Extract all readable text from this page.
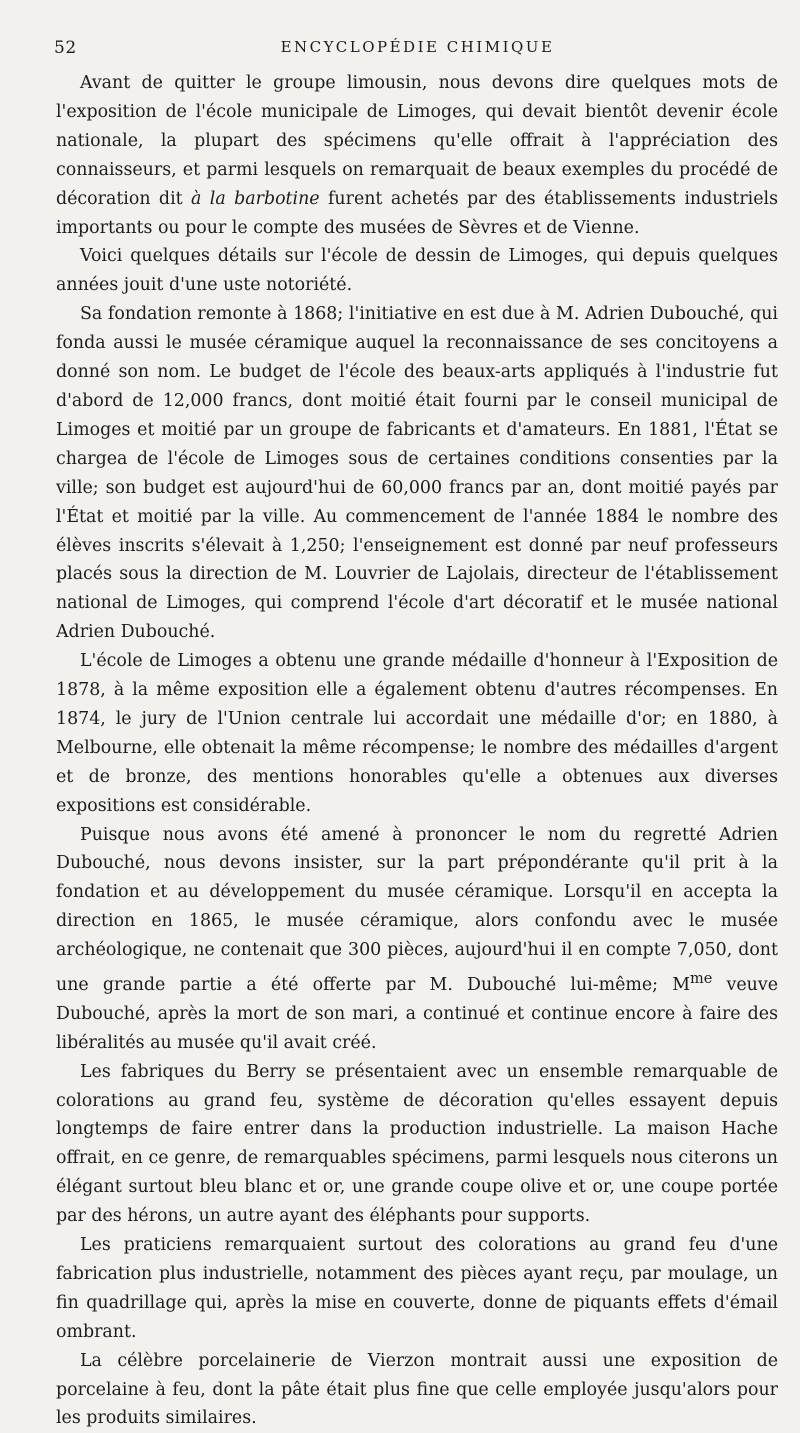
52	ENCYCLOPÉDIE CHIMIQUE

Avant de quitter le groupe limousin, nous devons dire quelques mots de l'exposition de l'école municipale de Limoges, qui devait bientôt devenir école nationale, la plupart des spécimens qu'elle offrait à l'appréciation des connaisseurs, et parmi lesquels on remarquait de beaux exemples du procédé de décoration dit à la barbotine furent achetés par des établissements industriels importants ou pour le compte des musées de Sèvres et de Vienne.

Voici quelques détails sur l'école de dessin de Limoges, qui depuis quelques années jouit d'une uste notoriété.

Sa fondation remonte à 1868; l'initiative en est due à M. Adrien Dubouché, qui fonda aussi le musée céramique auquel la reconnaissance de ses concitoyens a donné son nom. Le budget de l'école des beaux-arts appliqués à l'industrie fut d'abord de 12,000 francs, dont moitié était fourni par le conseil municipal de Limoges et moitié par un groupe de fabricants et d'amateurs. En 1881, l'État se chargea de l'école de Limoges sous de certaines conditions consenties par la ville; son budget est aujourd'hui de 60,000 francs par an, dont moitié payés par l'État et moitié par la ville. Au commencement de l'année 1884 le nombre des élèves inscrits s'élevait à 1,250; l'enseignement est donné par neuf professeurs placés sous la direction de M. Louvrier de Lajolais, directeur de l'établissement national de Limoges, qui comprend l'école d'art décoratif et le musée national Adrien Dubouché.

L'école de Limoges a obtenu une grande médaille d'honneur à l'Exposition de 1878, à la même exposition elle a également obtenu d'autres récompenses. En 1874, le jury de l'Union centrale lui accordait une médaille d'or; en 1880, à Melbourne, elle obtenait la même récompense; le nombre des médailles d'argent et de bronze, des mentions honorables qu'elle a obtenues aux diverses expositions est considérable.

Puisque nous avons été amené à prononcer le nom du regretté Adrien Dubouché, nous devons insister, sur la part prépondérante qu'il prit à la fondation et au développement du musée céramique. Lorsqu'il en accepta la direction en 1865, le musée céramique, alors confondu avec le musée archéologique, ne contenait que 300 pièces, aujourd'hui il en compte 7,050, dont une grande partie a été offerte par M. Dubouché lui-même; $M^{me}$ veuve Dubouché, après la mort de son mari, a continué et continue encore à faire des libéralités au musée qu'il avait créé.

Les fabriques du Berry se présentaient avec un ensemble remarquable de colorations au grand feu, système de décoration qu'elles essayent depuis longtemps de faire entrer dans la production industrielle. La maison Hache offrait, en ce genre, de remarquables spécimens, parmi lesquels nous citerons un élégant surtout bleu blanc et or, une grande coupe olive et or, une coupe portée par des hérons, un autre ayant des éléphants pour supports.

Les praticiens remarquaient surtout des colorations au grand feu d'une fabrication plus industrielle, notamment des pièces ayant reçu, par moulage, un fin quadrillage qui, après la mise en couverte, donne de piquants effets d'émail ombrant.

La célèbre porcelainerie de Vierzon montrait aussi une exposition de porcelaine à feu, dont la pâte était plus fine que celle employée jusqu'alors pour les produits similaires.
